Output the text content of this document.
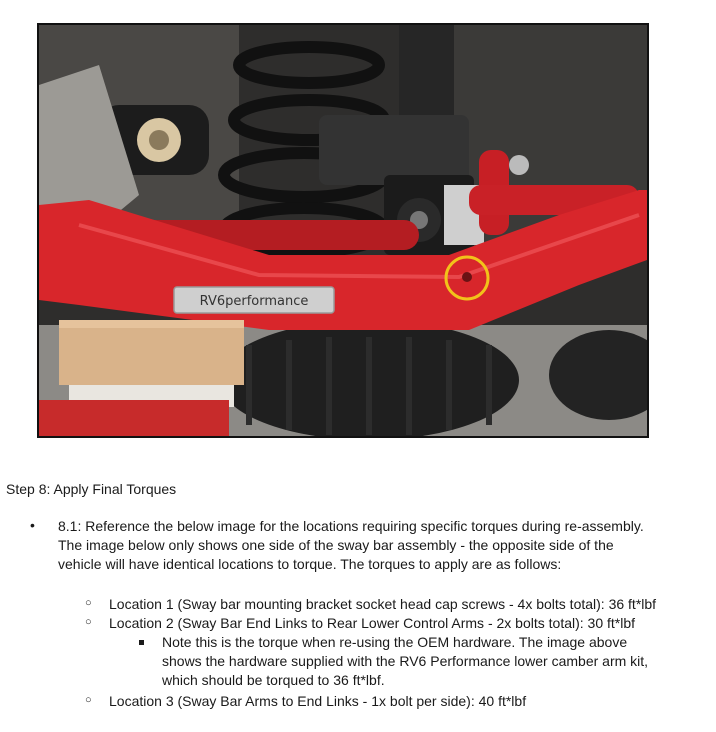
RV6performance
Step 8: Apply Final Torques
• 8.1: Reference the below image for the locations requiring specific torques during re-assembly.
The image below only shows one side of the sway bar assembly - the opposite side of the
vehicle will have identical locations to torque. The torques to apply are as follows:
○ Location 1 (Sway bar mounting bracket socket head cap screws - 4x bolts total): 36 ft*lbf
○ Location 2 (Sway Bar End Links to Rear Lower Control Arms - 2x bolts total): 30 ft*lbf
Note this is the torque when re-using the OEM hardware. The image above
shows the hardware supplied with the RV6 Performance lower camber arm kit,
which should be torqued to 36 ft*lbf.
○ Location 3 (Sway Bar Arms to End Links - 1x bolt per side): 40 ft*lbf
